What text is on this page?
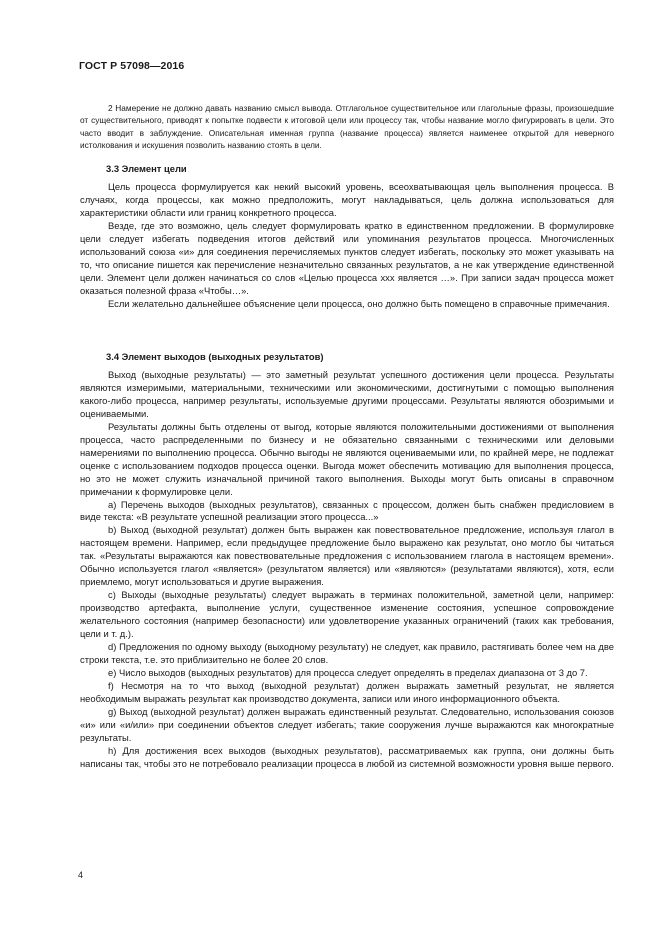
ГОСТ Р 57098—2016

2 Намерение не должно давать названию смысл вывода. Отглагольное существительное или глагольные фразы, произошедшие от существительного, приводят к попытке подвести к итоговой цели или процессу так, чтобы название могло фигурировать в цели. Это часто вводит в заблуждение. Описательная именная группа (название процесса) является наименее открытой для неверного истолкования и искушения позволить названию стоять в цели.

3.3 Элемент цели

Цель процесса формулируется как некий высокий уровень, всеохватывающая цель выполнения процесса. В случаях, когда процессы, как можно предположить, могут накладываться, цель должна использоваться для характеристики области или границ конкретного процесса.

Везде, где это возможно, цель следует формулировать кратко в единственном предложении. В формулировке цели следует избегать подведения итогов действий или упоминания результатов процесса. Многочисленных использований союза «и» для соединения перечисляемых пунктов следует избегать, поскольку это может указывать на то, что описание пишется как перечисление незначительно связанных результатов, а не как утверждение единственной цели. Элемент цели должен начинаться со слов «Целью процесса xxx является …». При записи задач процесса может оказаться полезной фраза «Чтобы…».

Если желательно дальнейшее объяснение цели процесса, оно должно быть помещено в справочные примечания.

3.4 Элемент выходов (выходных результатов)

Выход (выходные результаты) — это заметный результат успешного достижения цели процесса. Результаты являются измеримыми, материальными, техническими или экономическими, достигнутыми с помощью выполнения какого-либо процесса, например результаты, используемые другими процессами. Результаты являются обозримыми и оцениваемыми.

Результаты должны быть отделены от выгод, которые являются положительными достижениями от выполнения процесса, часто распределенными по бизнесу и не обязательно связанными с техническими или деловыми намерениями по выполнению процесса. Обычно выгоды не являются оцениваемыми или, по крайней мере, не подлежат оценке с использованием подходов процесса оценки. Выгода может обеспечить мотивацию для выполнения процесса, но это не может служить изначальной причиной такого выполнения. Выходы могут быть описаны в справочном примечании к формулировке цели.

a) Перечень выходов (выходных результатов), связанных с процессом, должен быть снабжен предисловием в виде текста: «В результате успешной реализации этого процесса...»

b) Выход (выходной результат) должен быть выражен как повествовательное предложение, используя глагол в настоящем времени. Например, если предыдущее предложение было выражено как результат, оно могло бы читаться так. «Результаты выражаются как повествовательные предложения с использованием глагола в настоящем времени». Обычно используется глагол «является» (результатом является) или «являются» (результатами являются), хотя, если приемлемо, могут использоваться и другие выражения.

c) Выходы (выходные результаты) следует выражать в терминах положительной, заметной цели, например: производство артефакта, выполнение услуги, существенное изменение состояния, успешное сопровождение желательного состояния (например безопасности) или удовлетворение указанных ограничений (таких как требования, цели и т. д.).

d) Предложения по одному выходу (выходному результату) не следует, как правило, растягивать более чем на две строки текста, т.е. это приблизительно не более 20 слов.

e) Число выходов (выходных результатов) для процесса следует определять в пределах диапазона от 3 до 7.

f) Несмотря на то что выход (выходной результат) должен выражать заметный результат, не является необходимым выражать результат как производство документа, записи или иного информационного объекта.

g) Выход (выходной результат) должен выражать единственный результат. Следовательно, использования союзов «и» или «и/или» при соединении объектов следует избегать; такие сооружения лучше выражаются как многократные результаты.

h) Для достижения всех выходов (выходных результатов), рассматриваемых как группа, они должны быть написаны так, чтобы это не потребовало реализации процесса в любой из системной возможности уровня выше первого.

4
